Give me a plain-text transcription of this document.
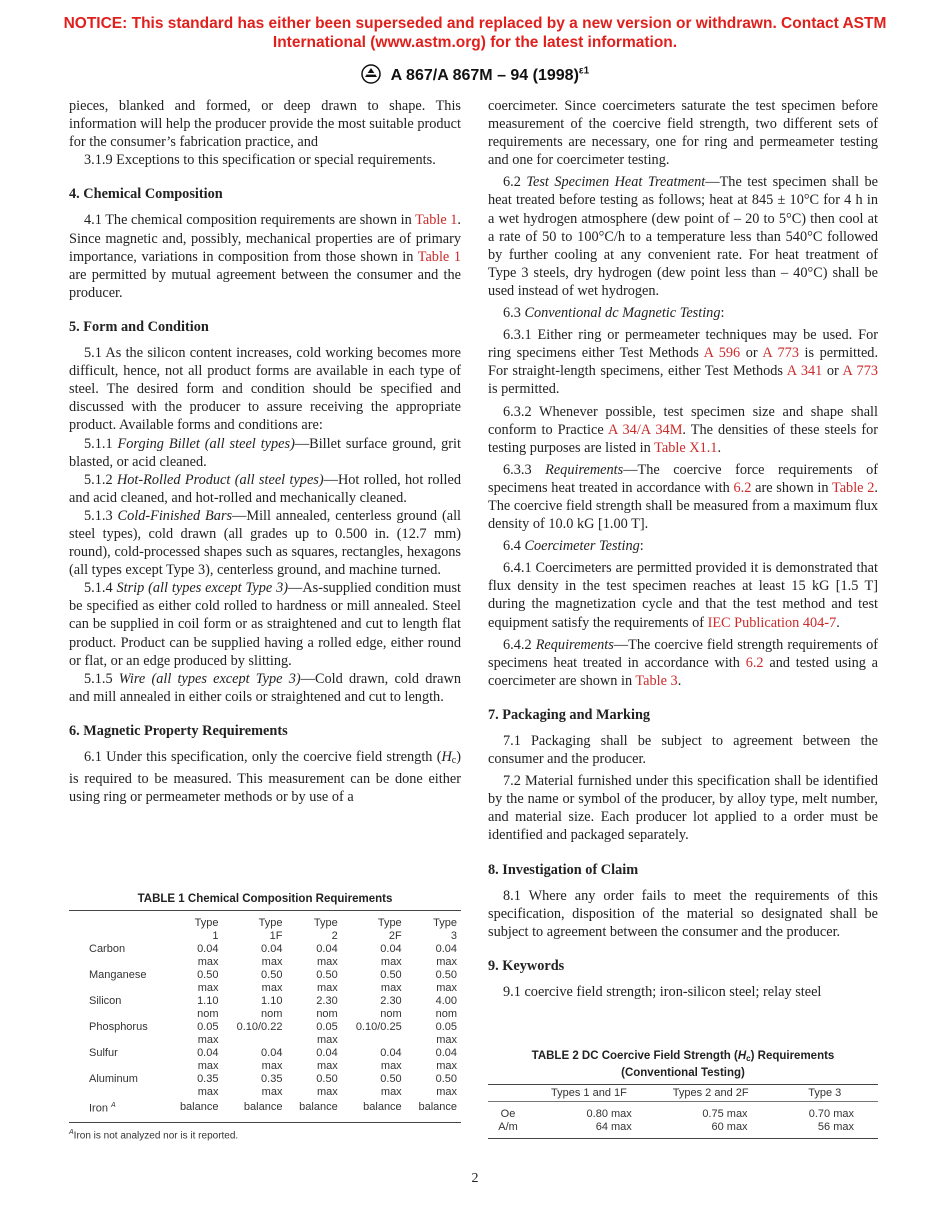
NOTICE: This standard has either been superseded and replaced by a new version or withdrawn. Contact ASTM International (www.astm.org) for the latest information.
A 867/A 867M – 94 $(1998)^{\varepsilon 1}$

pieces, blanked and formed, or deep drawn to shape. This information will help the producer provide the most suitable product for the consumer’s fabrication practice, and

3.1.9 Exceptions to this specification or special requirements.

4. Chemical Composition

4.1 The chemical composition requirements are shown in Table 1. Since magnetic and, possibly, mechanical properties are of primary importance, variations in composition from those shown in Table 1 are permitted by mutual agreement between the consumer and the producer.

5. Form and Condition

5.1 As the silicon content increases, cold working becomes more difficult, hence, not all product forms are available in each type of steel. The desired form and condition should be specified and discussed with the producer to assure receiving the appropriate product. Available forms and conditions are:

5.1.1 Forging Billet (all steel types)—Billet surface ground, grit blasted, or acid cleaned.

5.1.2 Hot-Rolled Product (all steel types)—Hot rolled, hot rolled and acid cleaned, and hot-rolled and mechanically cleaned.

5.1.3 Cold-Finished Bars—Mill annealed, centerless ground (all steel types), cold drawn (all grades up to 0.500 in. (12.7 mm) round), cold-processed shapes such as squares, rectangles, hexagons (all types except Type 3), centerless ground, and machine turned.

5.1.4 Strip (all types except Type 3)—As-supplied condition must be specified as either cold rolled to hardness or mill annealed. Steel can be supplied in coil form or as straightened and cut to length flat product. Product can be supplied having a rolled edge, either round or flat, or an edge produced by slitting.

5.1.5 Wire (all types except Type 3)—Cold drawn, cold drawn and mill annealed in either coils or straightened and cut to length.

6. Magnetic Property Requirements

6.1 Under this specification, only the coercive field strength $(H_c)$ is required to be measured. This measurement can be done either using ring or permeameter methods or by use of a

coercimeter. Since coercimeters saturate the test specimen before measurement of the coercive field strength, two different sets of requirements are necessary, one for ring and permeameter testing and one for coercimeter testing.

6.2 Test Specimen Heat Treatment—The test specimen shall be heat treated before testing as follows; heat at 845 ± 10°C for 4 h in a wet hydrogen atmosphere (dew point of – 20 to 5°C) then cool at a rate of 50 to 100°C/h to a temperature less than 540°C followed by further cooling at any convenient rate. For heat treatment of Type 3 steels, dry hydrogen (dew point less than – 40°C) shall be used instead of wet hydrogen.

6.3 Conventional dc Magnetic Testing:

6.3.1 Either ring or permeameter techniques may be used. For ring specimens either Test Methods A 596 or A 773 is permitted. For straight-length specimens, either Test Methods A 341 or A 773 is permitted.

6.3.2 Whenever possible, test specimen size and shape shall conform to Practice A 34/A 34M. The densities of these steels for testing purposes are listed in Table X1.1.

6.3.3 Requirements—The coercive force requirements of specimens heat treated in accordance with 6.2 are shown in Table 2. The coercive field strength shall be measured from a maximum flux density of 10.0 kG [1.00 T].

6.4 Coercimeter Testing:

6.4.1 Coercimeters are permitted provided it is demonstrated that flux density in the test specimen reaches at least 15 kG [1.5 T] during the magnetization cycle and that the test method and test equipment satisfy the requirements of IEC Publication 404-7.

6.4.2 Requirements—The coercive field strength requirements of specimens heat treated in accordance with 6.2 and tested using a coercimeter are shown in Table 3.

7. Packaging and Marking

7.1 Packaging shall be subject to agreement between the consumer and the producer.

7.2 Material furnished under this specification shall be identified by the name or symbol of the producer, by alloy type, melt number, and material size. Each producer lot applied to a order must be identified and packaged separately.

8. Investigation of Claim

8.1 Where any order fails to meet the requirements of this specification, disposition of the material so designated shall be subject to agreement between the consumer and the producer.

9. Keywords

9.1 coercive field strength; iron-silicon steel; relay steel

TABLE 1 Chemical Composition Requirements
	Type	Type	Type	Type	Type
	1	1F	2	2F	3
Carbon	0.04	0.04	0.04	0.04	0.04
	max	max	max	max	max
Manganese	0.50	0.50	0.50	0.50	0.50
	max	max	max	max	max
Silicon	1.10	1.10	2.30	2.30	4.00
	nom	nom	nom	nom	nom
Phosphorus	0.05	0.10/0.22	0.05	0.10/0.25	0.05
	max		max		max
Sulfur	0.04	0.04	0.04	0.04	0.04
	max	max	max	max	max
Aluminum	0.35	0.35	0.50	0.50	0.50
	max	max	max	max	max
Iron $^A$	balance	balance	balance	balance	balance
$^A$Iron is not analyzed nor is it reported.
TABLE 2 DC Coercive Field Strength $(H_c)$ Requirements
(Conventional Testing)
	Types 1 and 1F	Types 2 and 2F	Type 3
Oe	0.80 max	0.75 max	0.70 max
A/m	64 max	60 max	56 max
2
